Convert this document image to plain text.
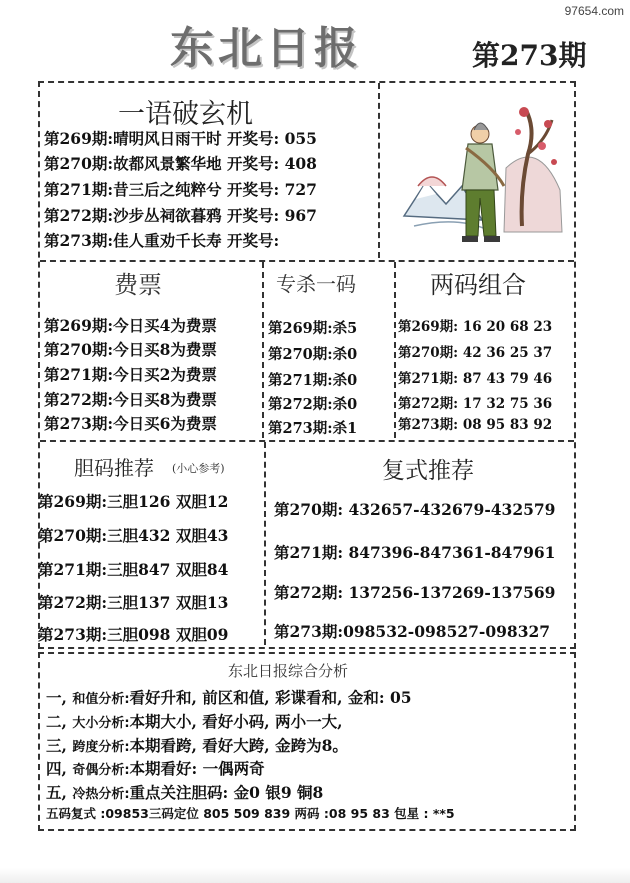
97654.com
东北日报	第273期
一语破玄机
第269期:晴明风日雨干时 开奖号: 055
第270期:故都风景繁华地 开奖号: 408
第271期:昔三后之纯粹兮 开奖号: 727
第272期:沙步丛祠欲暮鸦 开奖号: 967
第273期:佳人重劝千长寿 开奖号:
费票
第269期:今日买4为费票
第270期:今日买8为费票
第271期:今日买2为费票
第272期:今日买8为费票
第273期:今日买6为费票
专杀一码
第269期:杀5
第270期:杀0
第271期:杀0
第272期:杀0
第273期:杀1
两码组合
第269期: 16 20 68 23
第270期: 42 36 25 37
第271期: 87 43 79 46
第272期: 17 32 75 36
第273期: 08 95 83 92
胆码推荐 (小心参考)
第269期:三胆126 双胆12
第270期:三胆432 双胆43
第271期:三胆847 双胆84
第272期:三胆137 双胆13
第273期:三胆098 双胆09
复式推荐
第270期: 432657-432679-432579
第271期: 847396-847361-847961
第272期: 137256-137269-137569
第273期:098532-098527-098327
东北日报综合分析
一, 和值分析:看好升和, 前区和值, 彩谍看和, 金和: 05
二, 大小分析:本期大小, 看好小码, 两小一大,
三, 跨度分析:本期看跨, 看好大跨, 金跨为8。
四, 奇偶分析:本期看好: 一偶两奇
五, 冷热分析:重点关注胆码: 金0 银9 铜8
五码复式 :09853三码定位 805 509 839 两码 :08 95 83 包星 : **5
